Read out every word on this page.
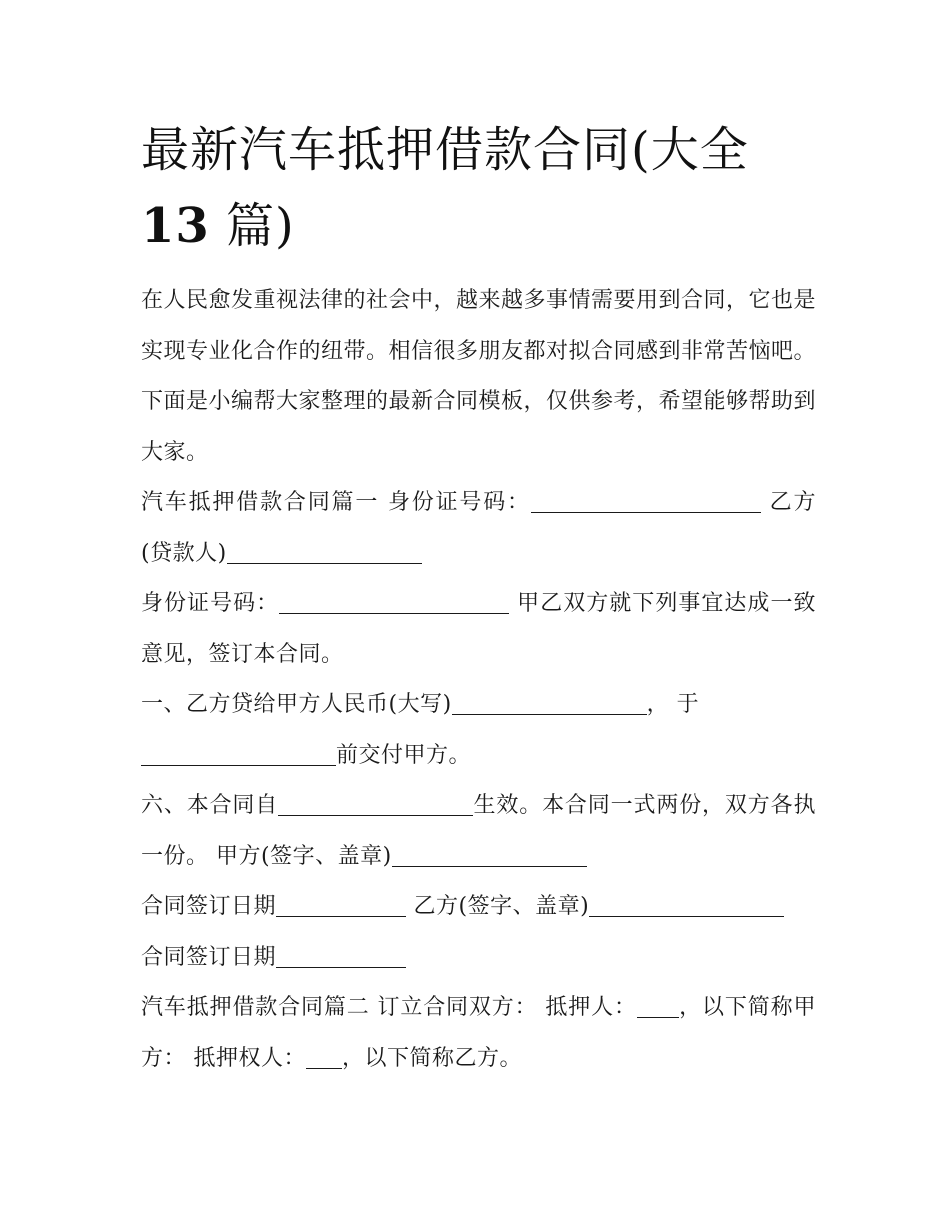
最新汽车抵押借款合同(大全
13 篇)

在人民愈发重视法律的社会中，越来越多事情需要用到合同，它也是实现专业化合作的纽带。相信很多朋友都对拟合同感到非常苦恼吧。下面是小编帮大家整理的最新合同模板，仅供参考，希望能够帮助到大家。

汽车抵押借款合同篇一 身份证号码：	乙方(贷款人)

身份证号码：	甲乙双方就下列事宜达成一致意见，签订本合同。

一、乙方贷给甲方人民币(大写)	， 于
前交付甲方。

六、本合同自	生效。本合同一式两份，双方各执一份。 甲方(签字、盖章)

合同签订日期	乙方(签字、盖章)

合同签订日期

汽车抵押借款合同篇二 订立合同双方： 抵押人： ，以下简称甲方： 抵押权人： ，以下简称乙方。
